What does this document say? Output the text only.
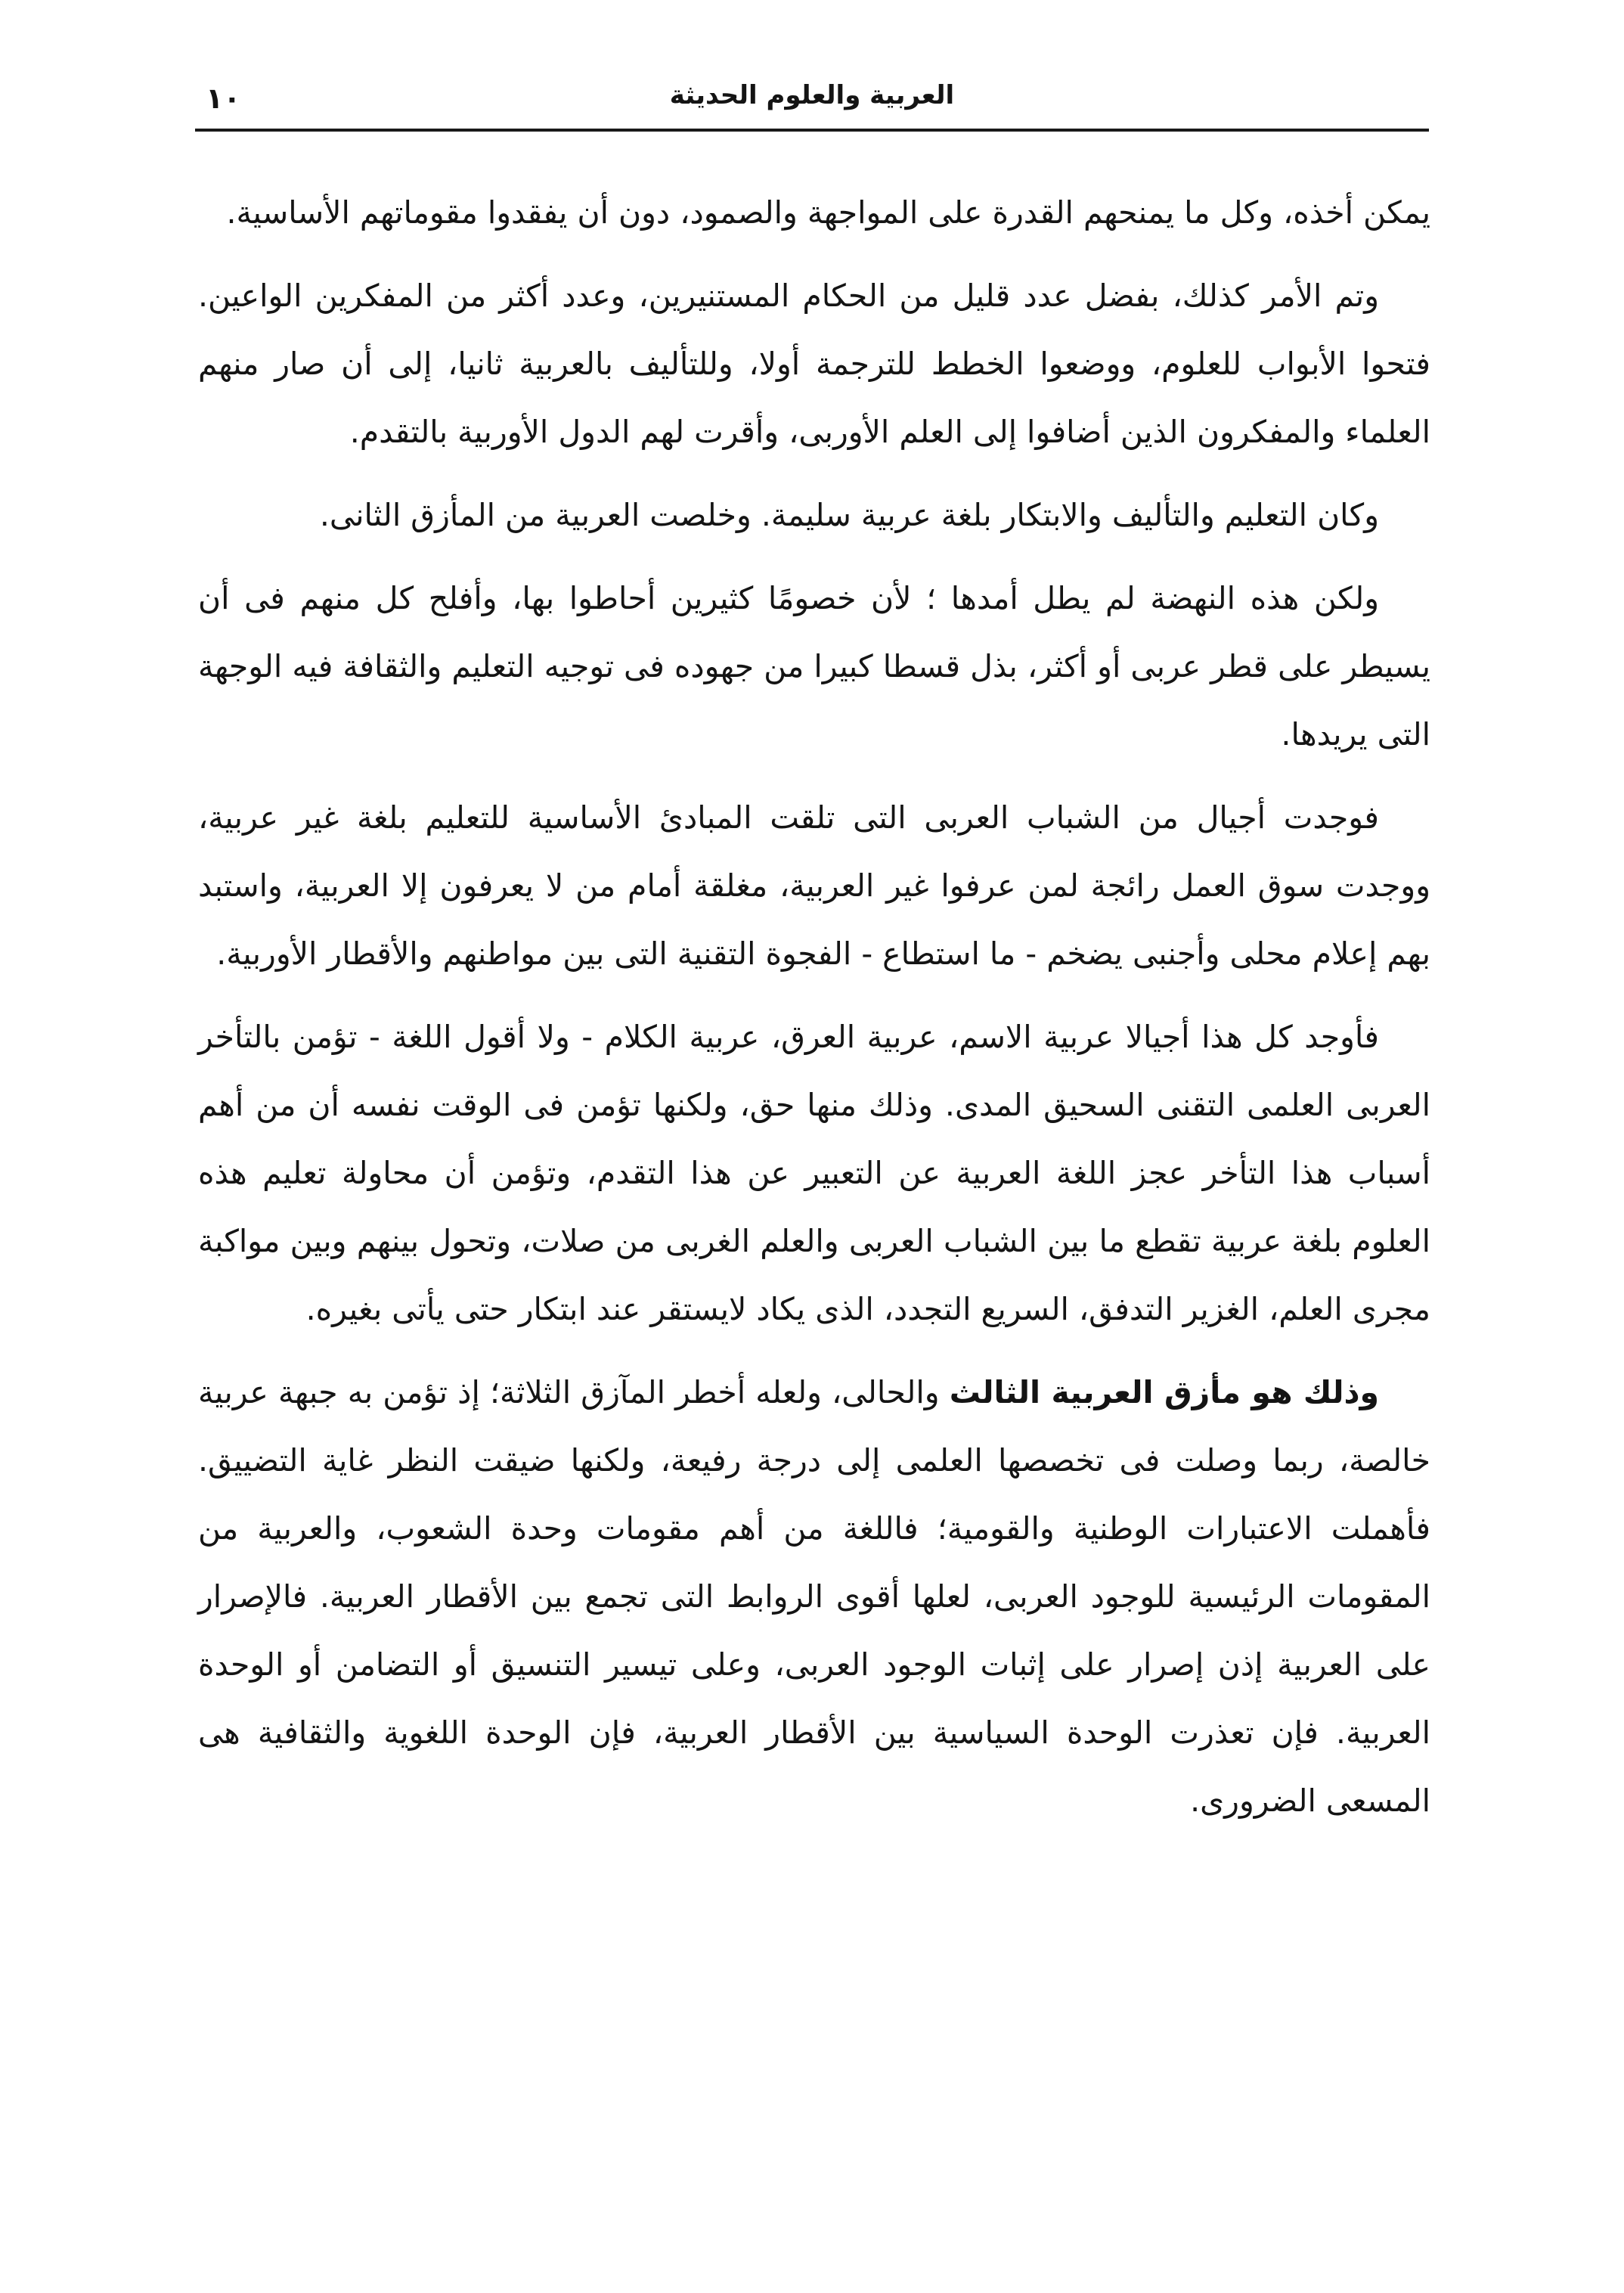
١٠	العربية والعلوم الحديثة

يمكن أخذه، وكل ما يمنحهم القدرة على المواجهة والصمود، دون أن يفقدوا مقوماتهم الأساسية.

وتم الأمر كذلك، بفضل عدد قليل من الحكام المستنيرين، وعدد أكثر من المفكرين الواعين. فتحوا الأبواب للعلوم، ووضعوا الخطط للترجمة أولا، وللتأليف بالعربية ثانيا، إلى أن صار منهم العلماء والمفكرون الذين أضافوا إلى العلم الأوربى، وأقرت لهم الدول الأوربية بالتقدم.

وكان التعليم والتأليف والابتكار بلغة عربية سليمة. وخلصت العربية من المأزق الثانى.

ولكن هذه النهضة لم يطل أمدها ؛ لأن خصومًا كثيرين أحاطوا بها، وأفلح كل منهم فى أن يسيطر على قطر عربى أو أكثر، بذل قسطا كبيرا من جهوده فى توجيه التعليم والثقافة فيه الوجهة التى يريدها.

فوجدت أجيال من الشباب العربى التى تلقت المبادئ الأساسية للتعليم بلغة غير عربية، ووجدت سوق العمل رائجة لمن عرفوا غير العربية، مغلقة أمام من لا يعرفون إلا العربية، واستبد بهم إعلام محلى وأجنبى يضخم - ما استطاع - الفجوة التقنية التى بين مواطنهم والأقطار الأوربية.

فأوجد كل هذا أجيالا عربية الاسم، عربية العرق، عربية الكلام - ولا أقول اللغة - تؤمن بالتأخر العربى العلمى التقنى السحيق المدى. وذلك منها حق، ولكنها تؤمن فى الوقت نفسه أن من أهم أسباب هذا التأخر عجز اللغة العربية عن التعبير عن هذا التقدم، وتؤمن أن محاولة تعليم هذه العلوم بلغة عربية تقطع ما بين الشباب العربى والعلم الغربى من صلات، وتحول بينهم وبين مواكبة مجرى العلم، الغزير التدفق، السريع التجدد، الذى يكاد لايستقر عند ابتكار حتى يأتى بغيره.

وذلك هو مأزق العربية الثالث والحالى، ولعله أخطر المآزق الثلاثة؛ إذ تؤمن به جبهة عربية خالصة، ربما وصلت فى تخصصها العلمى إلى درجة رفيعة، ولكنها ضيقت النظر غاية التضييق. فأهملت الاعتبارات الوطنية والقومية؛ فاللغة من أهم مقومات وحدة الشعوب، والعربية من المقومات الرئيسية للوجود العربى، لعلها أقوى الروابط التى تجمع بين الأقطار العربية. فالإصرار على العربية إذن إصرار على إثبات الوجود العربى، وعلى تيسير التنسيق أو التضامن أو الوحدة العربية. فإن تعذرت الوحدة السياسية بين الأقطار العربية، فإن الوحدة اللغوية والثقافية هى المسعى الضرورى.
